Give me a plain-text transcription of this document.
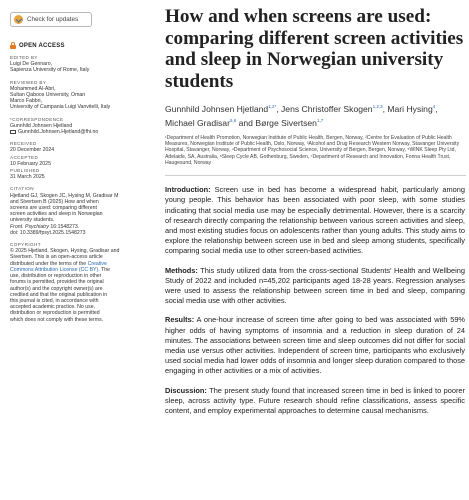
Check for updates
OPEN ACCESS
EDITED BY
Luigi De Gennaro,
Sapienza University of Rome, Italy
REVIEWED BY
Mohammed Al-Abri,
Sultan Qaboos University, Oman
Marco Fabbri,
University of Campania Luigi Vanvitelli, Italy
*CORRESPONDENCE
Gunnhild Johnsen Hjetland
Gunnhild.Johnsen.Hjetland@fhi.no
RECEIVED
20 December 2024
ACCEPTED
10 February 2025
PUBLISHED
31 March 2025
CITATION
Hjetland GJ, Skogen JC, Hysing M, Gradisar M
and Sivertsen B (2025) How and when
screens are used: comparing different
screen activities and sleep in Norwegian
university students.
Front. Psychiatry 16:1548273.
doi: 10.3389/fpsyt.2025.1548273
COPYRIGHT
© 2025 Hjetland, Skogen, Hysing, Gradisar and
Sivertsen. This is an open-access article
distributed under the terms of the Creative
Commons Attribution License (CC BY). The
use, distribution or reproduction in other
forums is permitted, provided the original
author(s) and the copyright owner(s) are
credited and that the original publication in
this journal is cited, in accordance with
accepted academic practice. No use,
distribution or reproduction is permitted
which does not comply with these terms.
How and when screens are used: comparing different screen activities and sleep in Norwegian university students
Gunnhild Johnsen Hjetland$^{1,2*}$, Jens Christoffer Skogen$^{1,2,3}$, Mari Hysing$^4$, Michael Gradisar$^{5,6}$ and Børge Sivertsen$^{1,7}$
¹Department of Health Promotion, Norwegian Institute of Public Health, Bergen, Norway, ²Centre for Evaluation of Public Health Measures, Norwegian Institute of Public Health, Oslo, Norway, ³Alcohol and Drug Research Western Norway, Stavanger University Hospital, Stavanger, Norway, ⁴Department of Psychosocial Science, University of Bergen, Bergen, Norway, ⁵WINK Sleep Pty Ltd, Adelaide, SA, Australia, ⁶Sleep Cycle AB, Gothenburg, Sweden, ⁷Department of Research and Innovation, Fonna Health Trust, Haugesund, Norway
Introduction: Screen use in bed has become a widespread habit, particularly among young people. This behavior has been associated with poor sleep, with some studies indicating that social media use may be especially detrimental. However, there is a scarcity of research directly comparing the relationship between various screen activities and sleep, and most existing studies focus on adolescents rather than young adults. This study aims to explore the relationship between screen use in bed and sleep among students, specifically comparing social media use to other screen-based activities.
Methods: This study utilized data from the cross-sectional Students' Health and Wellbeing Study of 2022 and included n=45,202 participants aged 18-28 years. Regression analyses were used to assess the relationship between screen time in bed and sleep, comparing social media use with other activities.
Results: A one-hour increase of screen time after going to bed was associated with 59% higher odds of having symptoms of insomnia and a reduction in sleep duration of 24 minutes. The associations between screen time and sleep outcomes did not differ for social media use versus other activities. Independent of screen time, participants who exclusively used social media had lower odds of insomnia and longer sleep duration compared to those engaging in other activities or a mix of activities.
Discussion: The present study found that increased screen time in bed is linked to poorer sleep, across activity type. Future research should refine classifications, assess specific content, and employ experimental approaches to determine causal mechanisms.
